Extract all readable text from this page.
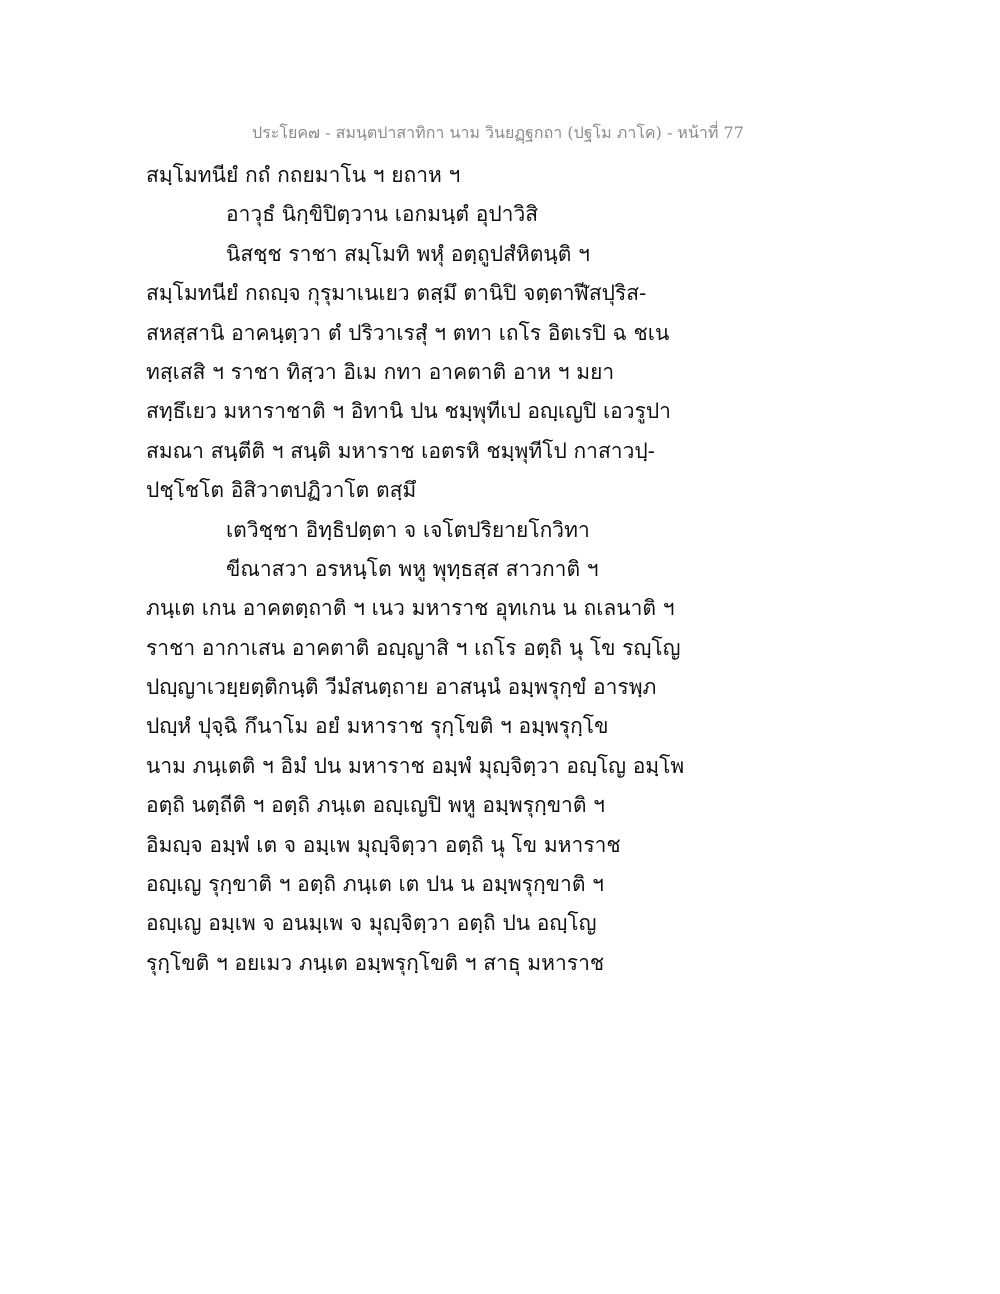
ประโยค๗ - สมนฺตปาสาทิกา นาม วินยฏฺฐกถา (ปฐโม ภาโค) - หน้าที่ 77
สมฺโมทนียํ กถํ กถยมาโน ฯ ยถาห ฯ
อาวุธํ นิกฺขิปิตฺวาน เอกมนฺตํ อุปาวิสิ
นิสชฺช ราชา สมฺโมทิ พหุํ อตฺถูปสํหิตนฺติ ฯ
สมฺโมทนียํ กถญฺจ กุรุมาเนเยว ตสฺมึ ตานิปิ จตฺตาฬีสปุริส-
สหสฺสานิ อาคนฺตฺวา ตํ ปริวาเรสุํ ฯ ตทา เถโร อิตเรปิ ฉ ชเน
ทสฺเสสิ ฯ ราชา ทิสฺวา อิเม กทา อาคตาติ อาห ฯ มยา
สทฺธึเยว มหาราชาติ ฯ อิทานิ ปน ชมฺพุทีเป อญฺเญปิ เอวรูปา
สมณา สนฺตีติ ฯ สนฺติ มหาราช เอตรหิ ชมฺพุทีโป กาสาวปฺ-
ปชฺโชโต อิสิวาตปฏิวาโต ตสฺมึ
เตวิชฺชา อิทฺธิปตฺตา จ เจโตปริยายโกวิทา
ขีณาสวา อรหนฺโต พหู พุทฺธสฺส สาวกาติ ฯ
ภนฺเต เกน อาคตตฺถาติ ฯ เนว มหาราช อุทเกน น ถเลนาติ ฯ
ราชา อากาเสน อาคตาติ อญฺญาสิ ฯ เถโร อตฺถิ นุ โข รญฺโญ
ปญฺญาเวยฺยตฺติกนฺติ วีมํสนตฺถาย อาสนฺนํ อมฺพรุกฺขํ อารพฺภ
ปญฺหํ ปุจฺฉิ กึนาโม อยํ มหาราช รุกฺโขติ ฯ อมฺพรุกฺโข
นาม ภนฺเตติ ฯ อิมํ ปน มหาราช อมฺพํ มุญฺจิตฺวา อญฺโญ อมฺโพ
อตฺถิ นตฺถีติ ฯ อตฺถิ ภนฺเต อญฺเญปิ พหู อมฺพรุกฺขาติ ฯ
อิมญฺจ อมฺพํ เต จ อมฺเพ มุญฺจิตฺวา อตฺถิ นุ โข มหาราช
อญฺเญ รุกฺขาติ ฯ อตฺถิ ภนฺเต เต ปน น อมฺพรุกฺขาติ ฯ
อญฺเญ อมฺเพ จ อนมฺเพ จ มุญฺจิตฺวา อตฺถิ ปน อญฺโญ
รุกฺโขติ ฯ อยเมว ภนฺเต อมฺพรุกฺโขติ ฯ สาธุ มหาราช
